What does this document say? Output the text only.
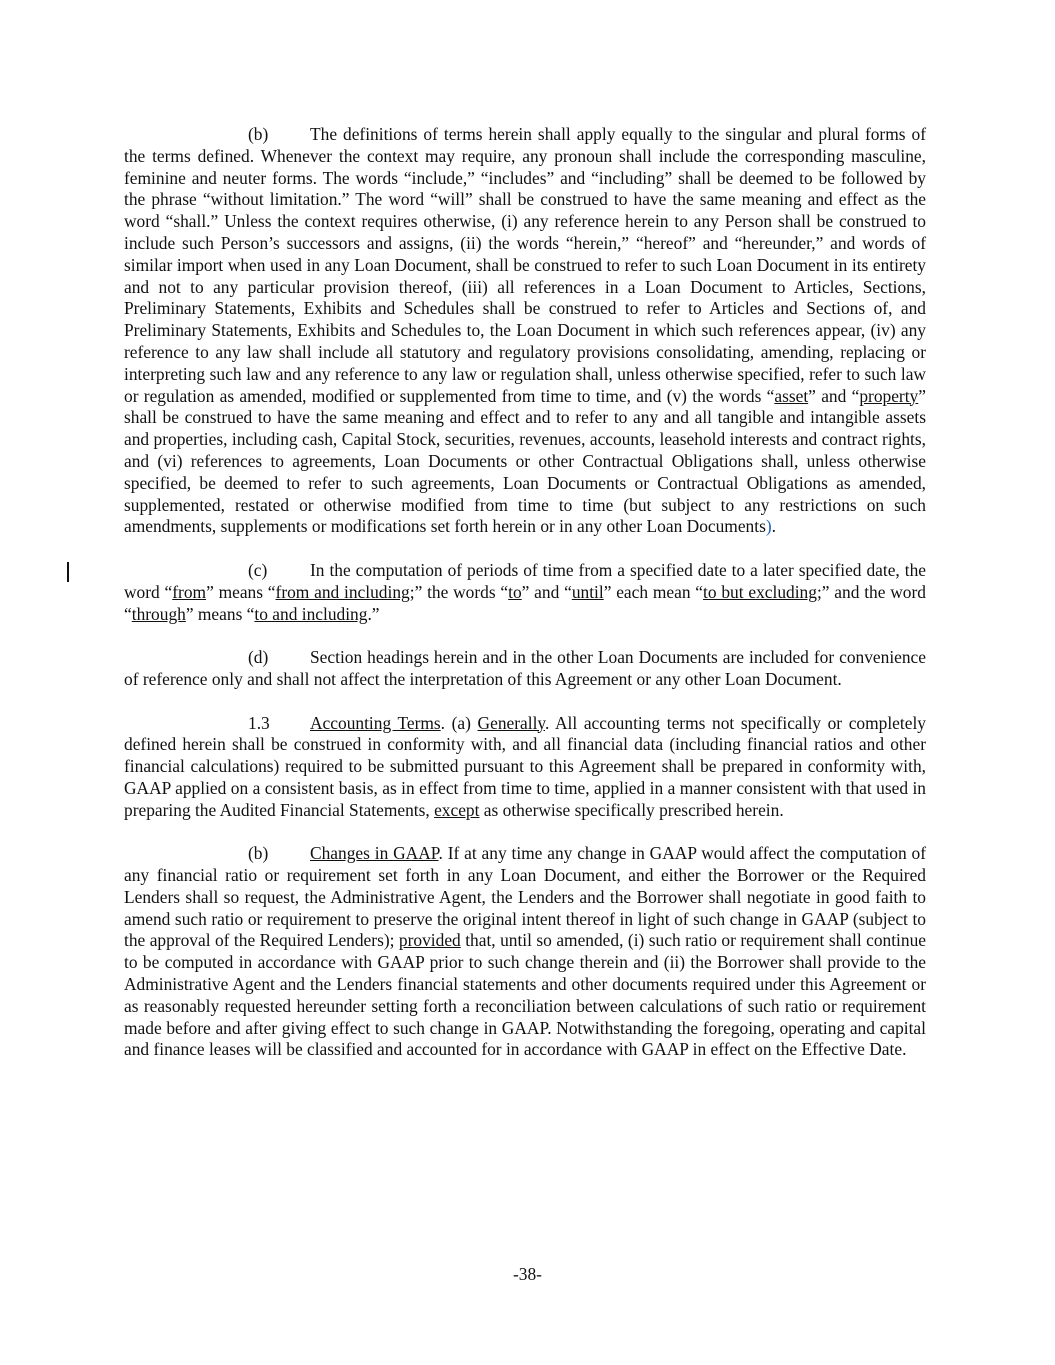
(b) The definitions of terms herein shall apply equally to the singular and plural forms of the terms defined. Whenever the context may require, any pronoun shall include the corresponding masculine, feminine and neuter forms. The words “include,” “includes” and “including” shall be deemed to be followed by the phrase “without limitation.” The word “will” shall be construed to have the same meaning and effect as the word “shall.” Unless the context requires otherwise, (i) any reference herein to any Person shall be construed to include such Person’s successors and assigns, (ii) the words “herein,” “hereof” and “hereunder,” and words of similar import when used in any Loan Document, shall be construed to refer to such Loan Document in its entirety and not to any particular provision thereof, (iii) all references in a Loan Document to Articles, Sections, Preliminary Statements, Exhibits and Schedules shall be construed to refer to Articles and Sections of, and Preliminary Statements, Exhibits and Schedules to, the Loan Document in which such references appear, (iv) any reference to any law shall include all statutory and regulatory provisions consolidating, amending, replacing or interpreting such law and any reference to any law or regulation shall, unless otherwise specified, refer to such law or regulation as amended, modified or supplemented from time to time, and (v) the words “asset” and “property” shall be construed to have the same meaning and effect and to refer to any and all tangible and intangible assets and properties, including cash, Capital Stock, securities, revenues, accounts, leasehold interests and contract rights, and (vi) references to agreements, Loan Documents or other Contractual Obligations shall, unless otherwise specified, be deemed to refer to such agreements, Loan Documents or Contractual Obligations as amended, supplemented, restated or otherwise modified from time to time (but subject to any restrictions on such amendments, supplements or modifications set forth herein or in any other Loan Documents).

(c) In the computation of periods of time from a specified date to a later specified date, the word “from” means “from and including;” the words “to” and “until” each mean “to but excluding;” and the word “through” means “to and including.”

(d) Section headings herein and in the other Loan Documents are included for convenience of reference only and shall not affect the interpretation of this Agreement or any other Loan Document.

1.3 Accounting Terms. (a) Generally. All accounting terms not specifically or completely defined herein shall be construed in conformity with, and all financial data (including financial ratios and other financial calculations) required to be submitted pursuant to this Agreement shall be prepared in conformity with, GAAP applied on a consistent basis, as in effect from time to time, applied in a manner consistent with that used in preparing the Audited Financial Statements, except as otherwise specifically prescribed herein.

(b) Changes in GAAP. If at any time any change in GAAP would affect the computation of any financial ratio or requirement set forth in any Loan Document, and either the Borrower or the Required Lenders shall so request, the Administrative Agent, the Lenders and the Borrower shall negotiate in good faith to amend such ratio or requirement to preserve the original intent thereof in light of such change in GAAP (subject to the approval of the Required Lenders); provided that, until so amended, (i) such ratio or requirement shall continue to be computed in accordance with GAAP prior to such change therein and (ii) the Borrower shall provide to the Administrative Agent and the Lenders financial statements and other documents required under this Agreement or as reasonably requested hereunder setting forth a reconciliation between calculations of such ratio or requirement made before and after giving effect to such change in GAAP. Notwithstanding the foregoing, operating and capital and finance leases will be classified and accounted for in accordance with GAAP in effect on the Effective Date.

-38-
